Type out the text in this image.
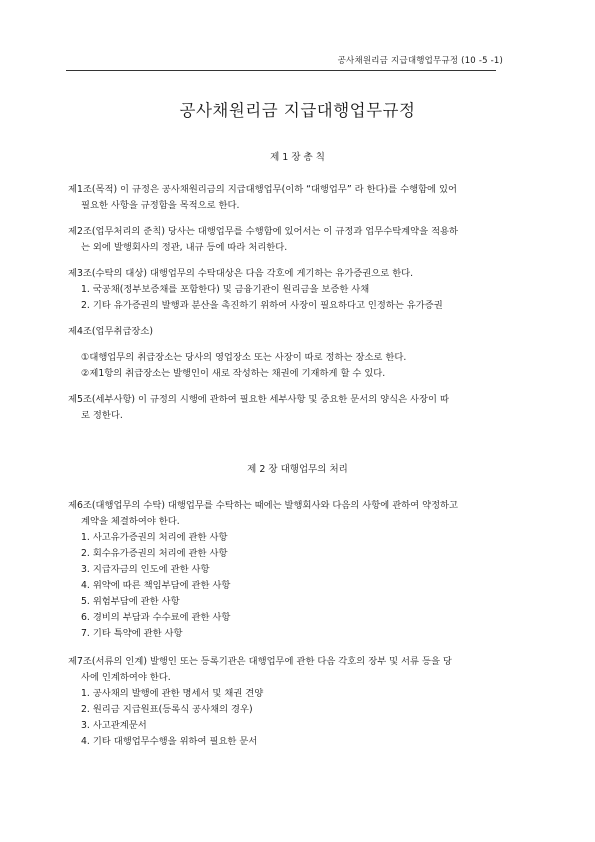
공사채원리금 지급대행업무규정 (10 -5 -1)
공사채원리금 지급대행업무규정
제 1 장 총 칙
제1조(목적) 이 규정은 공사채원리금의 지급대행업무(이하 “대행업무” 라 한다)를 수행함에 있어
필요한 사항을 규정함을 목적으로 한다.
제2조(업무처리의 준칙) 당사는 대행업무를 수행함에 있어서는 이 규정과 업무수탁계약을 적용하
는 외에 발행회사의 정관, 내규 등에 따라 처리한다.
제3조(수탁의 대상) 대행업무의 수탁대상은 다음 각호에 게기하는 유가증권으로 한다.
1. 국공채(정부보증채를 포함한다) 및 금융기관이 원리금을 보증한 사채
2. 기타 유가증권의 발행과 분산을 촉진하기 위하여 사장이 필요하다고 인정하는 유가증권
제4조(업무취급장소)
①대행업무의 취급장소는 당사의 영업장소 또는 사장이 따로 정하는 장소로 한다.
②제1항의 취급장소는 발행인이 새로 작성하는 채권에 기재하게 할 수 있다.
제5조(세부사항) 이 규정의 시행에 관하여 필요한 세부사항 및 중요한 문서의 양식은 사장이 따
로 정한다.
제 2 장 대행업무의 처리
제6조(대행업무의 수탁) 대행업무를 수탁하는 때에는 발행회사와 다음의 사항에 관하여 약정하고
계약을 체결하여야 한다.
1. 사고유가증권의 처리에 관한 사항
2. 회수유가증권의 처리에 관한 사항
3. 지급자금의 인도에 관한 사항
4. 위약에 따른 책임부담에 관한 사항
5. 위험부담에 관한 사항
6. 경비의 부담과 수수료에 관한 사항
7. 기타 특약에 관한 사항
제7조(서류의 인계) 발행인 또는 등록기관은 대행업무에 관한 다음 각호의 장부 및 서류 등을 당
사에 인계하여야 한다.
1. 공사채의 발행에 관한 명세서 및 채권 견양
2. 원리금 지급원표(등록식 공사채의 경우)
3. 사고관계문서
4. 기타 대행업무수행을 위하여 필요한 문서
